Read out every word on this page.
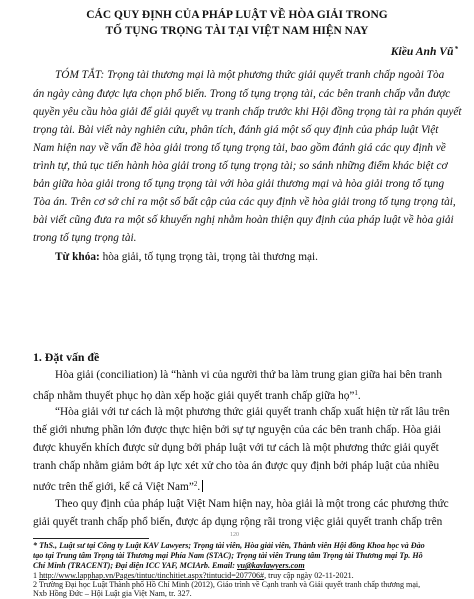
CÁC QUY ĐỊNH CỦA PHÁP LUẬT VỀ HÒA GIẢI TRONG
TỐ TỤNG TRỌNG TÀI TẠI VIỆT NAM HIỆN NAY
Kiều Anh Vũ*
TÓM TẮT: Trọng tài thương mại là một phương thức giải quyết tranh chấp ngoài Tòa
án ngày càng được lựa chọn phổ biến. Trong tố tụng trọng tài, các bên tranh chấp vẫn được
quyền yêu cầu hòa giải để giải quyết vụ tranh chấp trước khi Hội đồng trọng tài ra phán quyết
trọng tài. Bài viết này nghiên cứu, phân tích, đánh giá một số quy định của pháp luật Việt
Nam hiện nay về vấn đề hòa giải trong tố tụng trọng tài, bao gồm đánh giá các quy định về
trình tự, thủ tục tiến hành hòa giải trong tố tụng trọng tài; so sánh những điểm khác biệt cơ
bản giữa hòa giải trong tố tụng trọng tài với hòa giải thương mại và hòa giải trong tố tụng
Tòa án. Trên cơ sở chỉ ra một số bất cập của các quy định về hòa giải trong tố tụng trọng tài,
bài viết cũng đưa ra một số khuyến nghị nhằm hoàn thiện quy định của pháp luật về hòa giải
trong tố tụng trọng tài.
Từ khóa: hòa giải, tố tụng trọng tài, trọng tài thương mại.
1. Đặt vấn đề
Hòa giải (conciliation) là “hành vi của người thứ ba làm trung gian giữa hai bên tranh
chấp nhằm thuyết phục họ dàn xếp hoặc giải quyết tranh chấp giữa họ”$^1$.
“Hòa giải với tư cách là một phương thức giải quyết tranh chấp xuất hiện từ rất lâu trên
thế giới nhưng phần lớn được thực hiện bởi sự tự nguyện của các bên tranh chấp. Hòa giải
được khuyến khích được sử dụng bởi pháp luật với tư cách là một phương thức giải quyết
tranh chấp nhằm giảm bớt áp lực xét xử cho tòa án được quy định bởi pháp luật của nhiều
nước trên thế giới, kể cả Việt Nam”$^2$.
Theo quy định của pháp luật Việt Nam hiện nay, hòa giải là một trong các phương thức
giải quyết tranh chấp phổ biến, được áp dụng rộng rãi trong việc giải quyết tranh chấp trên
120
* ThS., Luật sư tại Công ty Luật KAV Lawyers; Trọng tài viên, Hòa giải viên, Thành viên Hội đồng Khoa học và Đào
tạo tại Trung tâm Trọng tài Thương mại Phía Nam (STAC); Trọng tài viên Trung tâm Trọng tài Thương mại Tp. Hồ
Chí Minh (TRACENT); Đại diện ICC YAF, MCIArb. Email: vu@kavlawyers.com
1 http://www.lapphap.vn/Pages/tintuc/tinchitiet.aspx?tintucid=207706#, truy cập ngày 02-11-2021.
2 Trường Đại học Luật Thành phố Hồ Chí Minh (2012), Giáo trình về Cạnh tranh và Giải quyết tranh chấp thương mại,
Nxb Hồng Đức – Hội Luật gia Việt Nam, tr. 327.
